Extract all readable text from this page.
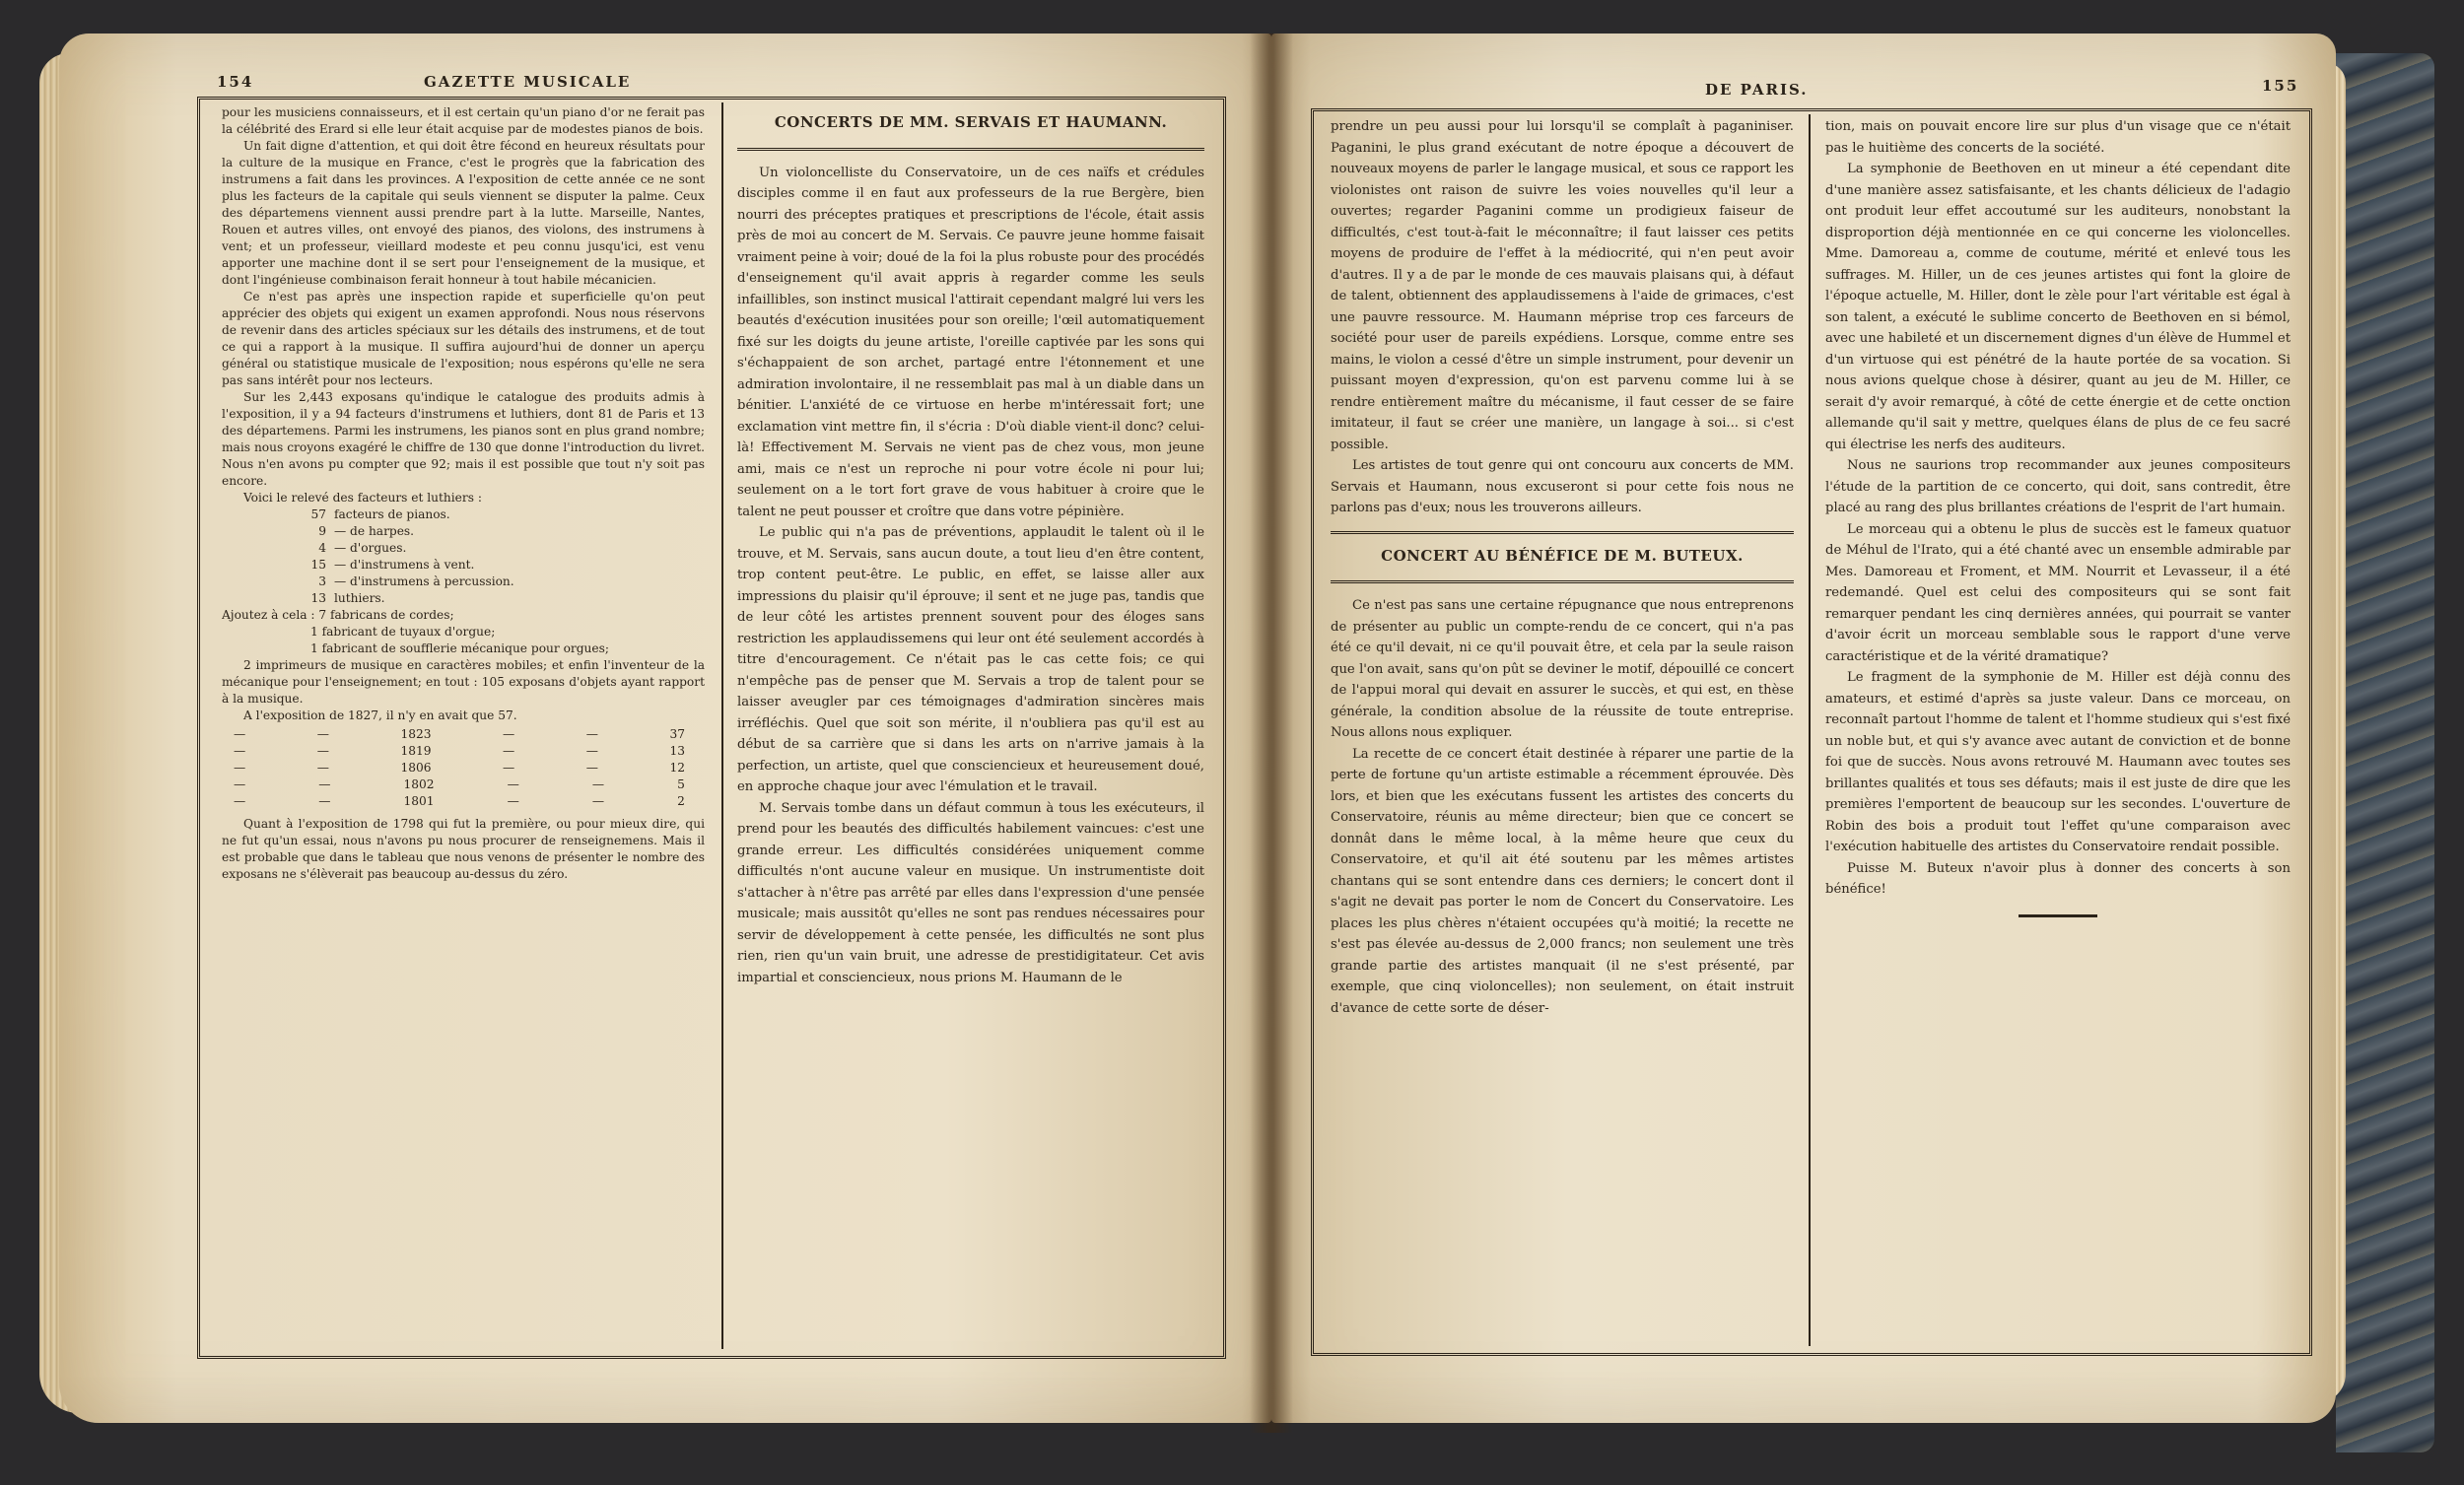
154	GAZETTE MUSICALE

pour les musiciens connaisseurs, et il est certain qu'un piano d'or ne ferait pas la célébrité des Erard si elle leur était acquise par de modestes pianos de bois.

Un fait digne d'attention, et qui doit être fécond en heureux résultats pour la culture de la musique en France, c'est le progrès que la fabrication des instrumens a fait dans les provinces. A l'exposition de cette année ce ne sont plus les facteurs de la capitale qui seuls viennent se disputer la palme. Ceux des départemens viennent aussi prendre part à la lutte. Marseille, Nantes, Rouen et autres villes, ont envoyé des pianos, des violons, des instrumens à vent; et un professeur, vieillard modeste et peu connu jusqu'ici, est venu apporter une machine dont il se sert pour l'enseignement de la musique, et dont l'ingénieuse combinaison ferait honneur à tout habile mécanicien.

Ce n'est pas après une inspection rapide et superficielle qu'on peut apprécier des objets qui exigent un examen approfondi. Nous nous réservons de revenir dans des articles spéciaux sur les détails des instrumens, et de tout ce qui a rapport à la musique. Il suffira aujourd'hui de donner un aperçu général ou statistique musicale de l'exposition; nous espérons qu'elle ne sera pas sans intérêt pour nos lecteurs.

Sur les 2,443 exposans qu'indique le catalogue des produits admis à l'exposition, il y a 94 facteurs d'instrumens et luthiers, dont 81 de Paris et 13 des départemens. Parmi les instrumens, les pianos sont en plus grand nombre; mais nous croyons exagéré le chiffre de 130 que donne l'introduction du livret. Nous n'en avons pu compter que 92; mais il est possible que tout n'y soit pas encore.

Voici le relevé des facteurs et luthiers :

57 facteurs de pianos.
9 — de harpes.
4 — d'orgues.
15 — d'instrumens à vent.
3 — d'instrumens à percussion.
13 luthiers.

Ajoutez à cela : 7 fabricans de cordes;

1 fabricant de tuyaux d'orgue;
1 fabricant de soufflerie mécanique pour orgues;

2 imprimeurs de musique en caractères mobiles; et enfin l'inventeur de la mécanique pour l'enseignement; en tout : 105 exposans d'objets ayant rapport à la musique.

A l'exposition de 1827, il n'y en avait que 57.

—	—	1823	—	—	37
—	—	1819	—	—	13
—	—	1806	—	—	12
—	—	1802	—	—	5
—	—	1801	—	—	2

Quant à l'exposition de 1798 qui fut la première, ou pour mieux dire, qui ne fut qu'un essai, nous n'avons pu nous procurer de renseignemens. Mais il est probable que dans le tableau que nous venons de présenter le nombre des exposans ne s'élèverait pas beaucoup au-dessus du zéro.

CONCERTS DE MM. SERVAIS ET HAUMANN.

Un violoncelliste du Conservatoire, un de ces naïfs et crédules disciples comme il en faut aux professeurs de la rue Bergère, bien nourri des préceptes pratiques et prescriptions de l'école, était assis près de moi au concert de M. Servais. Ce pauvre jeune homme faisait vraiment peine à voir; doué de la foi la plus robuste pour des procédés d'enseignement qu'il avait appris à regarder comme les seuls infaillibles, son instinct musical l'attirait cependant malgré lui vers les beautés d'exécution inusitées pour son oreille; l'œil automatiquement fixé sur les doigts du jeune artiste, l'oreille captivée par les sons qui s'échappaient de son archet, partagé entre l'étonnement et une admiration involontaire, il ne ressemblait pas mal à un diable dans un bénitier. L'anxiété de ce virtuose en herbe m'intéressait fort; une exclamation vint mettre fin, il s'écria : D'où diable vient-il donc? celui-là! Effectivement M. Servais ne vient pas de chez vous, mon jeune ami, mais ce n'est un reproche ni pour votre école ni pour lui; seulement on a le tort fort grave de vous habituer à croire que le talent ne peut pousser et croître que dans votre pépinière.

Le public qui n'a pas de préventions, applaudit le talent où il le trouve, et M. Servais, sans aucun doute, a tout lieu d'en être content, trop content peut-être. Le public, en effet, se laisse aller aux impressions du plaisir qu'il éprouve; il sent et ne juge pas, tandis que de leur côté les artistes prennent souvent pour des éloges sans restriction les applaudissemens qui leur ont été seulement accordés à titre d'encouragement. Ce n'était pas le cas cette fois; ce qui n'empêche pas de penser que M. Servais a trop de talent pour se laisser aveugler par ces témoignages d'admiration sincères mais irréfléchis. Quel que soit son mérite, il n'oubliera pas qu'il est au début de sa carrière que si dans les arts on n'arrive jamais à la perfection, un artiste, quel que consciencieux et heureusement doué, en approche chaque jour avec l'émulation et le travail.

M. Servais tombe dans un défaut commun à tous les exécuteurs, il prend pour les beautés des difficultés habilement vaincues: c'est une grande erreur. Les difficultés considérées uniquement comme difficultés n'ont aucune valeur en musique. Un instrumentiste doit s'attacher à n'être pas arrêté par elles dans l'expression d'une pensée musicale; mais aussitôt qu'elles ne sont pas rendues nécessaires pour servir de développement à cette pensée, les difficultés ne sont plus rien, rien qu'un vain bruit, une adresse de prestidigitateur. Cet avis impartial et consciencieux, nous prions M. Haumann de le

DE PARIS.	155

prendre un peu aussi pour lui lorsqu'il se complaît à paganiniser. Paganini, le plus grand exécutant de notre époque a découvert de nouveaux moyens de parler le langage musical, et sous ce rapport les violonistes ont raison de suivre les voies nouvelles qu'il leur a ouvertes; regarder Paganini comme un prodigieux faiseur de difficultés, c'est tout-à-fait le méconnaître; il faut laisser ces petits moyens de produire de l'effet à la médiocrité, qui n'en peut avoir d'autres. Il y a de par le monde de ces mauvais plaisans qui, à défaut de talent, obtiennent des applaudissemens à l'aide de grimaces, c'est une pauvre ressource. M. Haumann méprise trop ces farceurs de société pour user de pareils expédiens. Lorsque, comme entre ses mains, le violon a cessé d'être un simple instrument, pour devenir un puissant moyen d'expression, qu'on est parvenu comme lui à se rendre entièrement maître du mécanisme, il faut cesser de se faire imitateur, il faut se créer une manière, un langage à soi... si c'est possible.

Les artistes de tout genre qui ont concouru aux concerts de MM. Servais et Haumann, nous excuseront si pour cette fois nous ne parlons pas d'eux; nous les trouverons ailleurs.

CONCERT AU BÉNÉFICE DE M. BUTEUX.

Ce n'est pas sans une certaine répugnance que nous entreprenons de présenter au public un compte-rendu de ce concert, qui n'a pas été ce qu'il devait, ni ce qu'il pouvait être, et cela par la seule raison que l'on avait, sans qu'on pût se deviner le motif, dépouillé ce concert de l'appui moral qui devait en assurer le succès, et qui est, en thèse générale, la condition absolue de la réussite de toute entreprise. Nous allons nous expliquer.

La recette de ce concert était destinée à réparer une partie de la perte de fortune qu'un artiste estimable a récemment éprouvée. Dès lors, et bien que les exécutans fussent les artistes des concerts du Conservatoire, réunis au même directeur; bien que ce concert se donnât dans le même local, à la même heure que ceux du Conservatoire, et qu'il ait été soutenu par les mêmes artistes chantans qui se sont entendre dans ces derniers; le concert dont il s'agit ne devait pas porter le nom de Concert du Conservatoire. Les places les plus chères n'étaient occupées qu'à moitié; la recette ne s'est pas élevée au-dessus de 2,000 francs; non seulement une très grande partie des artistes manquait (il ne s'est présenté, par exemple, que cinq violoncelles); non seulement, on était instruit d'avance de cette sorte de déser-

tion, mais on pouvait encore lire sur plus d'un visage que ce n'était pas le huitième des concerts de la société.

La symphonie de Beethoven en ut mineur a été cependant dite d'une manière assez satisfaisante, et les chants délicieux de l'adagio ont produit leur effet accoutumé sur les auditeurs, nonobstant la disproportion déjà mentionnée en ce qui concerne les violoncelles. Mme. Damoreau a, comme de coutume, mérité et enlevé tous les suffrages. M. Hiller, un de ces jeunes artistes qui font la gloire de l'époque actuelle, M. Hiller, dont le zèle pour l'art véritable est égal à son talent, a exécuté le sublime concerto de Beethoven en si bémol, avec une habileté et un discernement dignes d'un élève de Hummel et d'un virtuose qui est pénétré de la haute portée de sa vocation. Si nous avions quelque chose à désirer, quant au jeu de M. Hiller, ce serait d'y avoir remarqué, à côté de cette énergie et de cette onction allemande qu'il sait y mettre, quelques élans de plus de ce feu sacré qui électrise les nerfs des auditeurs.

Nous ne saurions trop recommander aux jeunes compositeurs l'étude de la partition de ce concerto, qui doit, sans contredit, être placé au rang des plus brillantes créations de l'esprit de l'art humain.

Le morceau qui a obtenu le plus de succès est le fameux quatuor de Méhul de l'Irato, qui a été chanté avec un ensemble admirable par Mes. Damoreau et Froment, et MM. Nourrit et Levasseur, il a été redemandé. Quel est celui des compositeurs qui se sont fait remarquer pendant les cinq dernières années, qui pourrait se vanter d'avoir écrit un morceau semblable sous le rapport d'une verve caractéristique et de la vérité dramatique?

Le fragment de la symphonie de M. Hiller est déjà connu des amateurs, et estimé d'après sa juste valeur. Dans ce morceau, on reconnaît partout l'homme de talent et l'homme studieux qui s'est fixé un noble but, et qui s'y avance avec autant de conviction et de bonne foi que de succès. Nous avons retrouvé M. Haumann avec toutes ses brillantes qualités et tous ses défauts; mais il est juste de dire que les premières l'emportent de beaucoup sur les secondes. L'ouverture de Robin des bois a produit tout l'effet qu'une comparaison avec l'exécution habituelle des artistes du Conservatoire rendait possible.

Puisse M. Buteux n'avoir plus à donner des concerts à son bénéfice!
